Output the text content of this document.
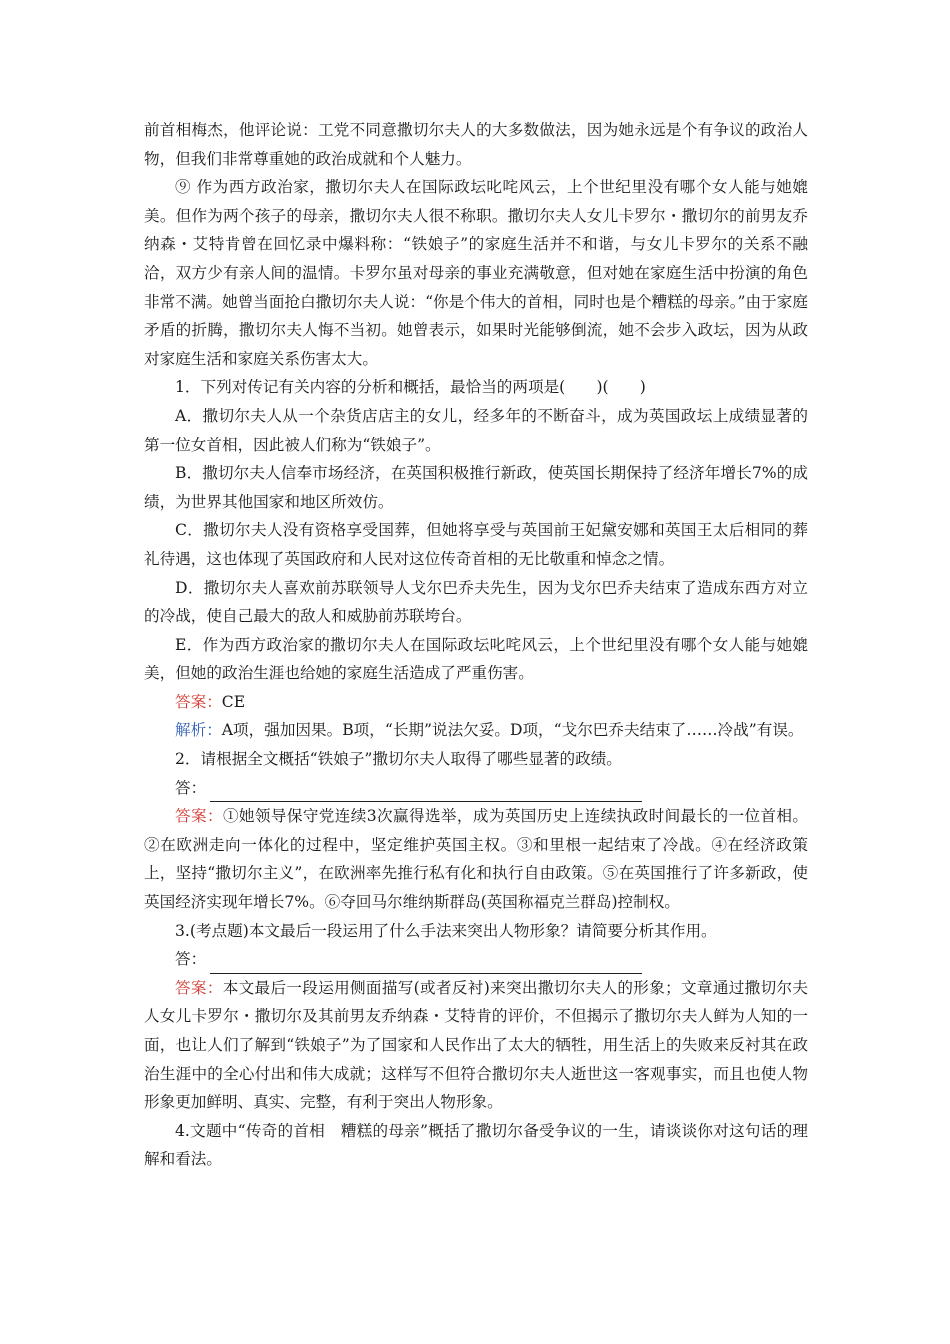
前首相梅杰，他评论说：工党不同意撒切尔夫人的大多数做法，因为她永远是个有争议的政治人物，但我们非常尊重她的政治成就和个人魅力。

⑨ 作为西方政治家，撒切尔夫人在国际政坛叱咤风云，上个世纪里没有哪个女人能与她媲美。但作为两个孩子的母亲，撒切尔夫人很不称职。撒切尔夫人女儿卡罗尔・撒切尔的前男友乔纳森・艾特肯曾在回忆录中爆料称：“铁娘子”的家庭生活并不和谐，与女儿卡罗尔的关系不融洽，双方少有亲人间的温情。卡罗尔虽对母亲的事业充满敬意，但对她在家庭生活中扮演的角色非常不满。她曾当面抢白撒切尔夫人说：“你是个伟大的首相，同时也是个糟糕的母亲。”由于家庭矛盾的折腾，撒切尔夫人悔不当初。她曾表示，如果时光能够倒流，她不会步入政坛，因为从政对家庭生活和家庭关系伤害太大。

1．下列对传记有关内容的分析和概括，最恰当的两项是(　　)(　　)

A．撒切尔夫人从一个杂货店店主的女儿，经多年的不断奋斗，成为英国政坛上成绩显著的第一位女首相，因此被人们称为“铁娘子”。

B．撒切尔夫人信奉市场经济，在英国积极推行新政，使英国长期保持了经济年增长7%的成绩，为世界其他国家和地区所效仿。

C．撒切尔夫人没有资格享受国葬，但她将享受与英国前王妃黛安娜和英国王太后相同的葬礼待遇，这也体现了英国政府和人民对这位传奇首相的无比敬重和悼念之情。

D．撒切尔夫人喜欢前苏联领导人戈尔巴乔夫先生，因为戈尔巴乔夫结束了造成东西方对立的冷战，使自己最大的敌人和威胁前苏联垮台。

E．作为西方政治家的撒切尔夫人在国际政坛叱咤风云，上个世纪里没有哪个女人能与她媲美，但她的政治生涯也给她的家庭生活造成了严重伤害。

答案：CE

解析：A项，强加因果。B项，“长期”说法欠妥。D项，“戈尔巴乔夫结束了……冷战”有误。

2．请根据全文概括“铁娘子”撒切尔夫人取得了哪些显著的政绩。

答：

答案：①她领导保守党连续3次赢得选举，成为英国历史上连续执政时间最长的一位首相。②在欧洲走向一体化的过程中，坚定维护英国主权。③和里根一起结束了冷战。④在经济政策上，坚持“撒切尔主义”，在欧洲率先推行私有化和执行自由政策。⑤在英国推行了许多新政，使英国经济实现年增长7%。⑥夺回马尔维纳斯群岛(英国称福克兰群岛)控制权。

3.(考点题)本文最后一段运用了什么手法来突出人物形象？请简要分析其作用。

答：

答案：本文最后一段运用侧面描写(或者反衬)来突出撒切尔夫人的形象；文章通过撒切尔夫人女儿卡罗尔・撒切尔及其前男友乔纳森・艾特肯的评价，不但揭示了撒切尔夫人鲜为人知的一面，也让人们了解到“铁娘子”为了国家和人民作出了太大的牺牲，用生活上的失败来反衬其在政治生涯中的全心付出和伟大成就；这样写不但符合撒切尔夫人逝世这一客观事实，而且也使人物形象更加鲜明、真实、完整，有利于突出人物形象。

4.文题中“传奇的首相　糟糕的母亲”概括了撒切尔备受争议的一生，请谈谈你对这句话的理解和看法。
